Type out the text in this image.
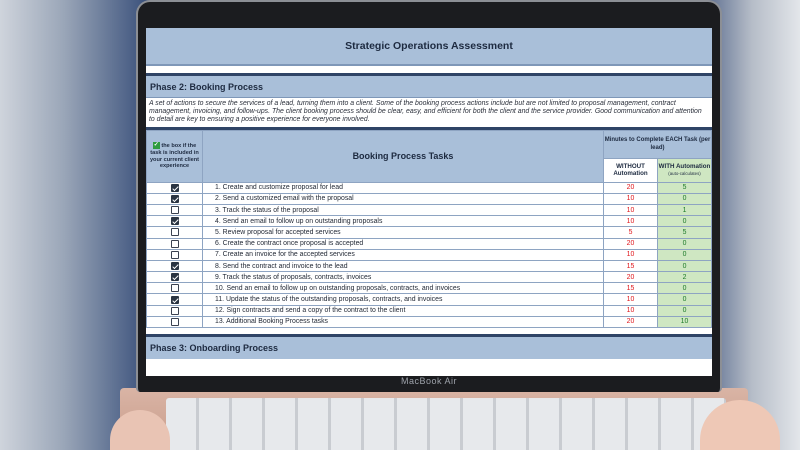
MacBook Air
Strategic Operations Assessment
Phase 2: Booking Process
A set of actions to secure the services of a lead, turning them into a client. Some of the booking process actions include but are not limited to proposal management, contract management, invoicing, and follow-ups. The client booking process should be clear, easy, and efficient for both the client and the service provider. Good communication and attention to detail are key to ensuring a positive experience for everyone involved.
✓ the box if the task is included in your current client experience	Booking Process Tasks	Minutes to Complete EACH Task (per lead)	
		WITHOUT Automation	WITH Automation
(auto-calculates)

	1. Create and customize proposal for lead	20	5
	2. Send a customized email with the proposal	10	0
	3. Track the status of the proposal	10	1
	4. Send an email to follow up on outstanding proposals	10	0
	5. Review proposal for accepted services	5	5
	6. Create the contract once proposal is accepted	20	0
	7. Create an invoice for the accepted services	10	0
	8. Send the contract and invoice to the lead	15	0
	9. Track the status of proposals, contracts, invoices	20	2
	10. Send an email to follow up on outstanding proposals, contracts, and invoices	15	0
	11. Update the status of the outstanding proposals, contracts, and invoices	10	0
	12. Sign contracts and send a copy of the contract to the client	10	0
	13. Additional Booking Process tasks	20	10
Phase 3: Onboarding Process
